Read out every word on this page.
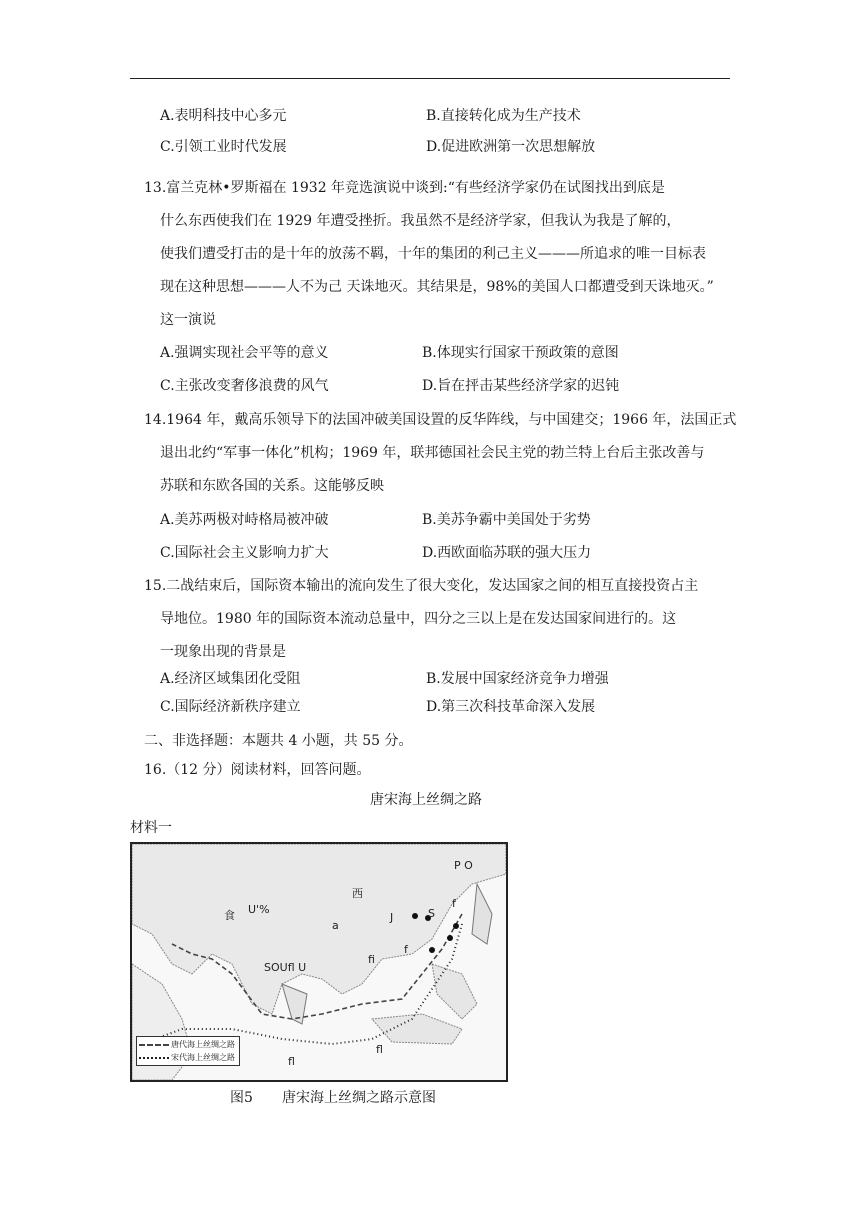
A.表明科技中心多元	B.直接转化成为生产技术
C.引领工业时代发展	D.促进欧洲第一次思想解放
13.富兰克林•罗斯福在 1932 年竞选演说中谈到:“有些经济学家仍在试图找出到底是
什么东西使我们在 1929 年遭受挫折。我虽然不是经济学家，但我认为我是了解的，
使我们遭受打击的是十年的放荡不羁，十年的集团的利己主义———所追求的唯一目标表
现在这种思想———人不为己 天诛地灭。其结果是，98%的美国人口都遭受到天诛地灭。”
这一演说
A.强调实现社会平等的意义	B.体现实行国家干预政策的意图
C.主张改变奢侈浪费的风气	D.旨在抨击某些经济学家的迟钝
14.1964 年，戴高乐领导下的法国冲破美国设置的反华阵线，与中国建交；1966 年，法国正式
退出北约“军事一体化”机构；1969 年，联邦德国社会民主党的勃兰特上台后主张改善与
苏联和东欧各国的关系。这能够反映
A.美苏两极对峙格局被冲破	B.美苏争霸中美国处于劣势
C.国际社会主义影响力扩大	D.西欧面临苏联的强大压力
15.二战结束后，国际资本输出的流向发生了很大变化，发达国家之间的相互直接投资占主
导地位。1980 年的国际资本流动总量中，四分之三以上是在发达国家间进行的。这
一现象出现的背景是
A.经济区域集团化受阻	B.发展中国家经济竞争力增强
C.国际经济新秩序建立	D.第三次科技革命深入发展
二、非选择题：本题共 4 小题，共 55 分。
16.（12 分）阅读材料，回答问题。
唐宋海上丝绸之路
材料一
P O
U'%
西
a
J	S
f
f
SOUfl U
fi
fl
fl
食
唐代海上丝绸之路
宋代海上丝绸之路
图5 唐宋海上丝绸之路示意图
